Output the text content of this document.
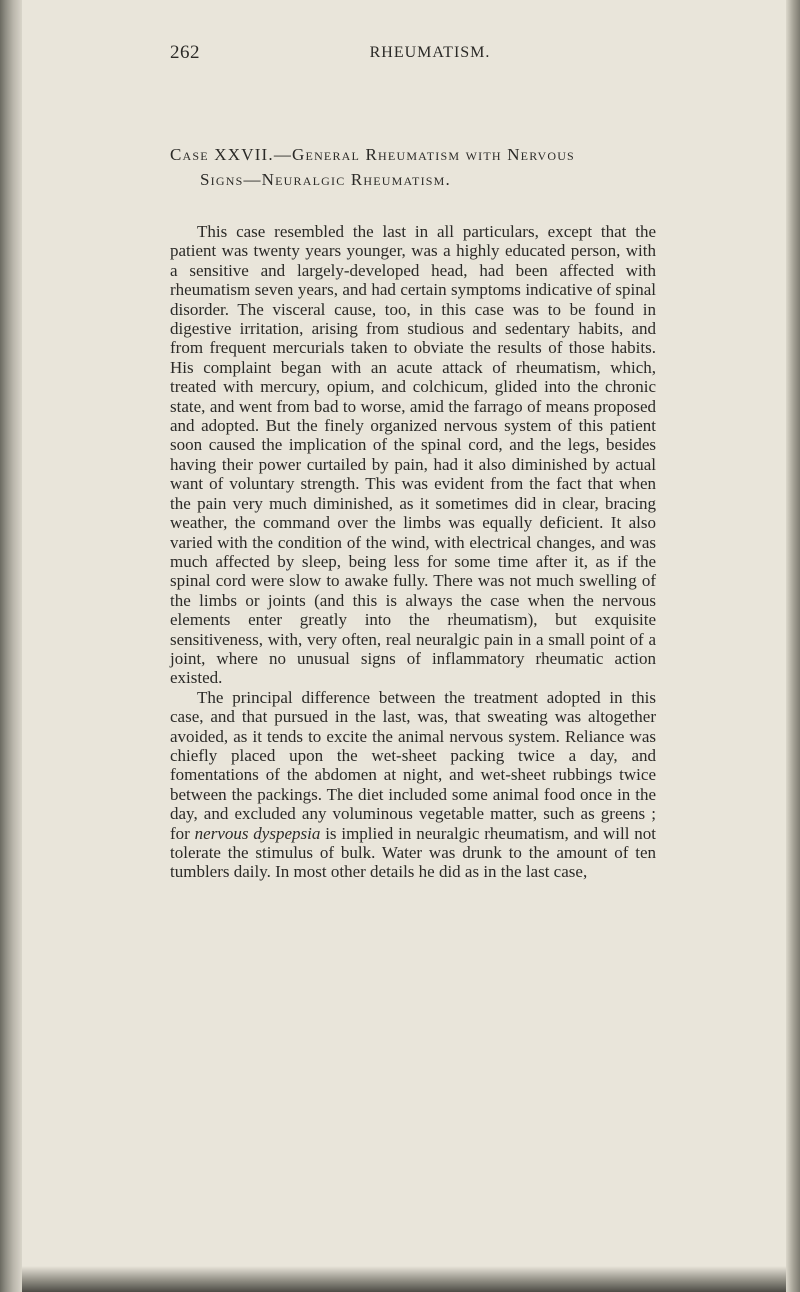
262	RHEUMATISM.
Case XXVII.—General Rheumatism with Nervous
Signs—Neuralgic Rheumatism.

This case resembled the last in all particulars, except that the patient was twenty years younger, was a highly educated person, with a sensitive and largely-developed head, had been affected with rheumatism seven years, and had certain symptoms indicative of spinal disorder. The visceral cause, too, in this case was to be found in digestive irritation, arising from studious and sedentary habits, and from frequent mercurials taken to obviate the results of those habits. His complaint began with an acute attack of rheumatism, which, treated with mercury, opium, and colchicum, glided into the chronic state, and went from bad to worse, amid the farrago of means proposed and adopted. But the finely organized nervous system of this patient soon caused the implication of the spinal cord, and the legs, besides having their power curtailed by pain, had it also diminished by actual want of voluntary strength. This was evident from the fact that when the pain very much diminished, as it sometimes did in clear, bracing weather, the command over the limbs was equally deficient. It also varied with the condition of the wind, with electrical changes, and was much affected by sleep, being less for some time after it, as if the spinal cord were slow to awake fully. There was not much swelling of the limbs or joints (and this is always the case when the nervous elements enter greatly into the rheumatism), but exquisite sensitiveness, with, very often, real neuralgic pain in a small point of a joint, where no unusual signs of inflammatory rheumatic action existed.

The principal difference between the treatment adopted in this case, and that pursued in the last, was, that sweating was altogether avoided, as it tends to excite the animal nervous system. Reliance was chiefly placed upon the wet-sheet packing twice a day, and fomentations of the abdomen at night, and wet-sheet rubbings twice between the packings. The diet included some animal food once in the day, and excluded any voluminous vegetable matter, such as greens ; for nervous dyspepsia is implied in neuralgic rheumatism, and will not tolerate the stimulus of bulk. Water was drunk to the amount of ten tumblers daily. In most other details he did as in the last case,
